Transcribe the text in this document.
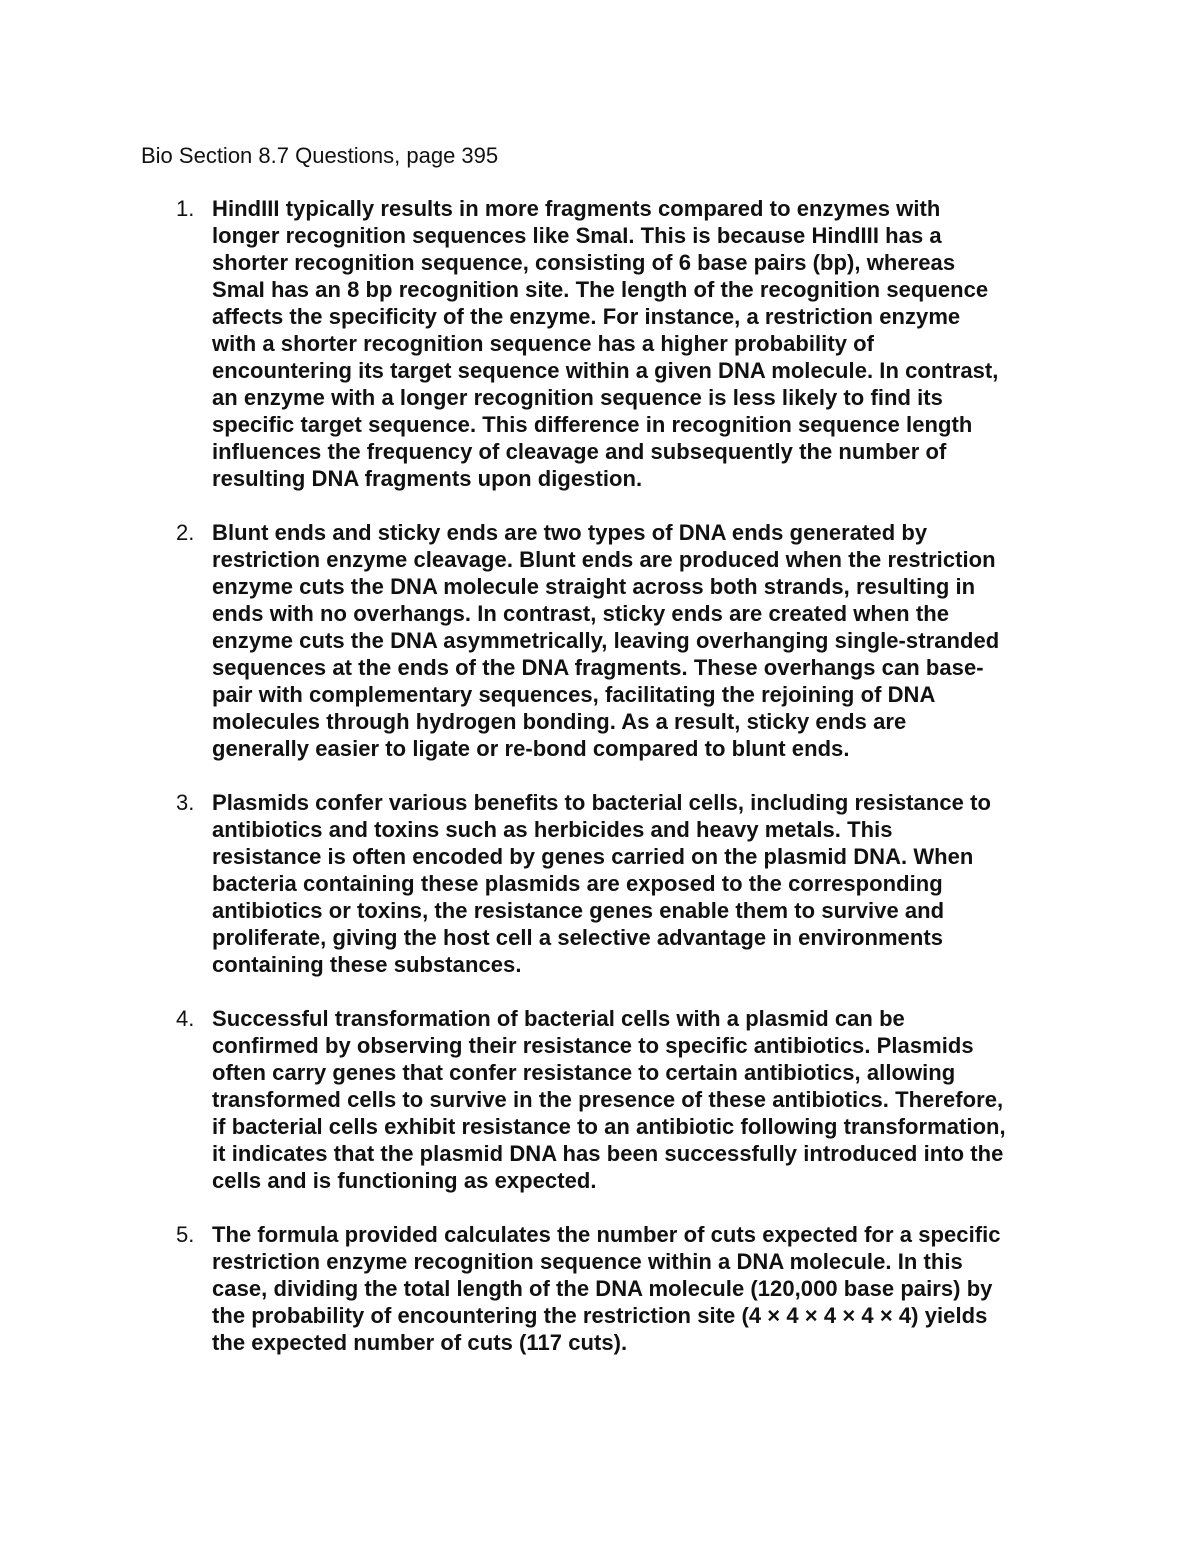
Bio Section 8.7 Questions, page 395
1. HindIII typically results in more fragments compared to enzymes with
longer recognition sequences like SmaI. This is because HindIII has a
shorter recognition sequence, consisting of 6 base pairs (bp), whereas
SmaI has an 8 bp recognition site. The length of the recognition sequence
affects the specificity of the enzyme. For instance, a restriction enzyme
with a shorter recognition sequence has a higher probability of
encountering its target sequence within a given DNA molecule. In contrast,
an enzyme with a longer recognition sequence is less likely to find its
specific target sequence. This difference in recognition sequence length
influences the frequency of cleavage and subsequently the number of
resulting DNA fragments upon digestion.
2. Blunt ends and sticky ends are two types of DNA ends generated by
restriction enzyme cleavage. Blunt ends are produced when the restriction
enzyme cuts the DNA molecule straight across both strands, resulting in
ends with no overhangs. In contrast, sticky ends are created when the
enzyme cuts the DNA asymmetrically, leaving overhanging single-stranded
sequences at the ends of the DNA fragments. These overhangs can base-
pair with complementary sequences, facilitating the rejoining of DNA
molecules through hydrogen bonding. As a result, sticky ends are
generally easier to ligate or re-bond compared to blunt ends.
3. Plasmids confer various benefits to bacterial cells, including resistance to
antibiotics and toxins such as herbicides and heavy metals. This
resistance is often encoded by genes carried on the plasmid DNA. When
bacteria containing these plasmids are exposed to the corresponding
antibiotics or toxins, the resistance genes enable them to survive and
proliferate, giving the host cell a selective advantage in environments
containing these substances.
4. Successful transformation of bacterial cells with a plasmid can be
confirmed by observing their resistance to specific antibiotics. Plasmids
often carry genes that confer resistance to certain antibiotics, allowing
transformed cells to survive in the presence of these antibiotics. Therefore,
if bacterial cells exhibit resistance to an antibiotic following transformation,
it indicates that the plasmid DNA has been successfully introduced into the
cells and is functioning as expected.
5. The formula provided calculates the number of cuts expected for a specific
restriction enzyme recognition sequence within a DNA molecule. In this
case, dividing the total length of the DNA molecule (120,000 base pairs) by
the probability of encountering the restriction site (4 × 4 × 4 × 4 × 4) yields
the expected number of cuts (117 cuts).
